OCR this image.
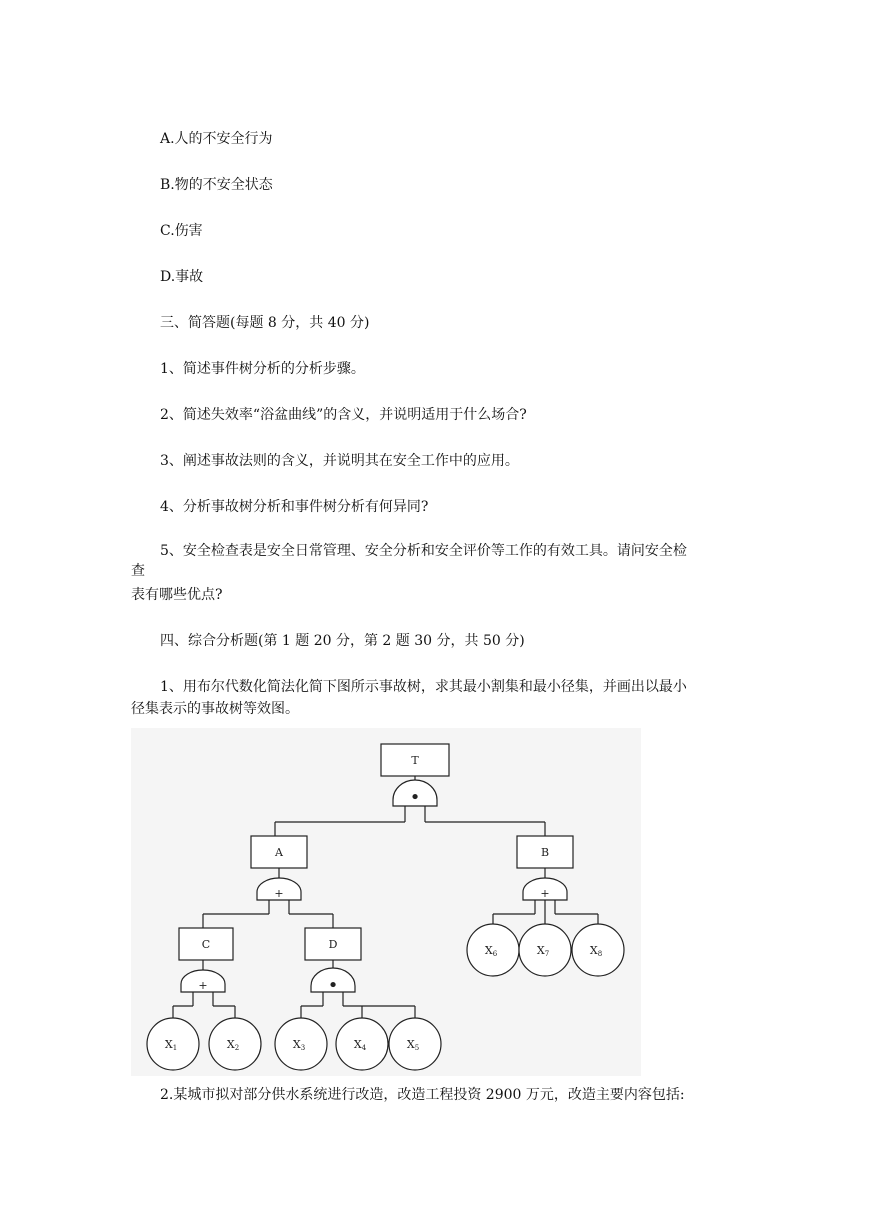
A.人的不安全行为
B.物的不安全状态
C.伤害
D.事故
三、简答题(每题 8 分，共 40 分)
1、简述事件树分析的分析步骤。
2、简述失效率“浴盆曲线”的含义，并说明适用于什么场合?
3、阐述事故法则的含义，并说明其在安全工作中的应用。
4、分析事故树分析和事件树分析有何异同?
5、安全检查表是安全日常管理、安全分析和安全评价等工作的有效工具。请问安全检
查
表有哪些优点?
四、综合分析题(第 1 题 20 分，第 2 题 30 分，共 50 分)
1、用布尔代数化简法化简下图所示事故树，求其最小割集和最小径集，并画出以最小
径集表示的事故树等效图。
T
A	B
C	D
•
+	+
+	•
X1	X2	X3	X4	X5
X6	X7	X8
2.某城市拟对部分供水系统进行改造，改造工程投资 2900 万元，改造主要内容包括:
